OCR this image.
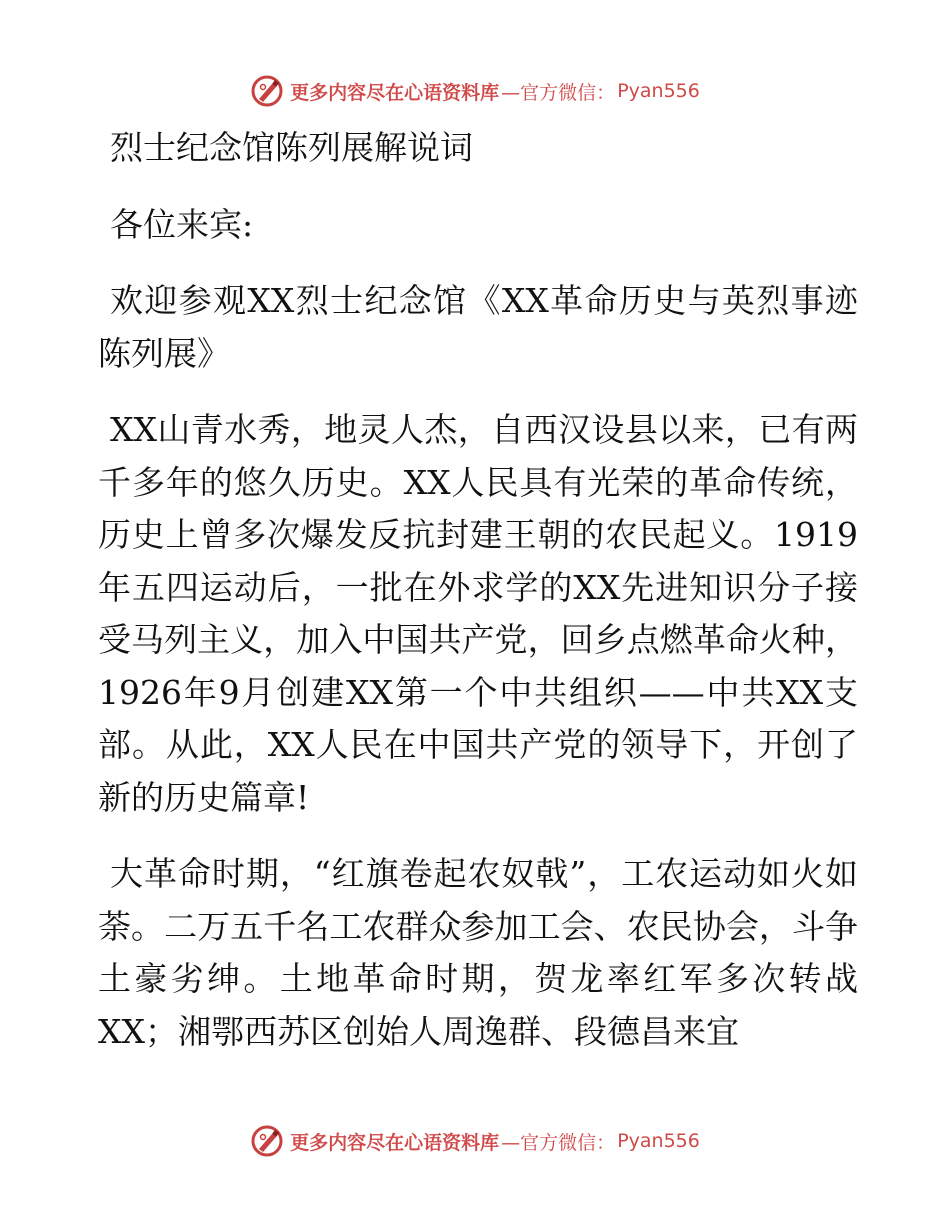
更多内容尽在心语资料库 —官方微信： Pyan556

烈士纪念馆陈列展解说词

各位来宾:

欢迎参观XX烈士纪念馆《XX革命历史与英烈事迹陈列展》

XX山青水秀，地灵人杰，自西汉设县以来，已有两千多年的悠久历史。XX人民具有光荣的革命传统，历史上曾多次爆发反抗封建王朝的农民起义。1919年五四运动后，一批在外求学的XX先进知识分子接受马列主义，加入中国共产党，回乡点燃革命火种，1926年9月创建XX第一个中共组织——中共XX支部。从此，XX人民在中国共产党的领导下，开创了新的历史篇章!

大革命时期，“红旗卷起农奴戟”，工农运动如火如荼。二万五千名工农群众参加工会、农民协会，斗争土豪劣绅。土地革命时期，贺龙率红军多次转战XX；湘鄂西苏区创始人周逸群、段德昌来宜

更多内容尽在心语资料库 —官方微信： Pyan556
